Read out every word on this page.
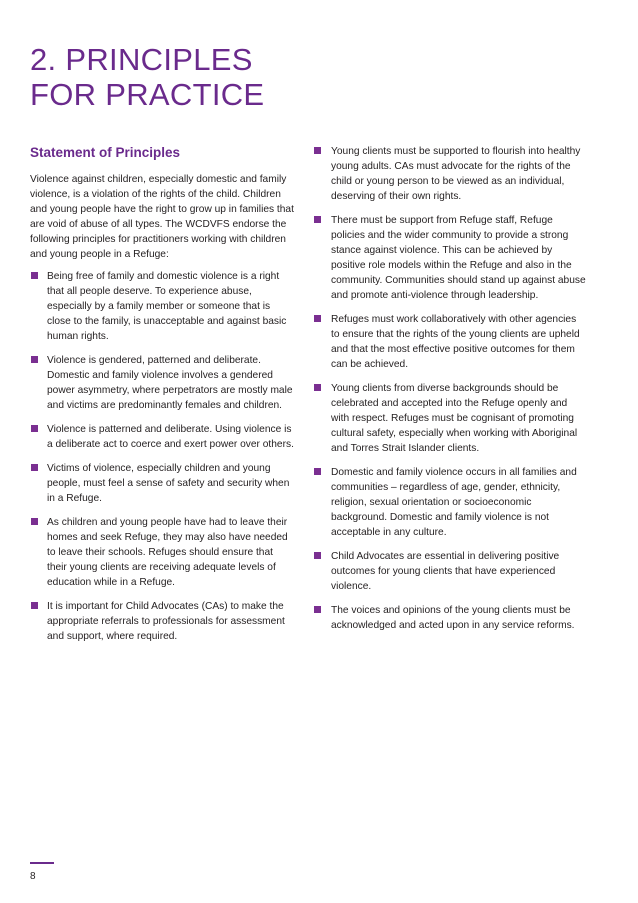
2. PRINCIPLES
FOR PRACTICE
Statement of Principles

Violence against children, especially domestic and family violence, is a violation of the rights of the child. Children and young people have the right to grow up in families that are void of abuse of all types. The WCDVFS endorse the following principles for practitioners working with children and young people in a Refuge:

Being free of family and domestic violence is a right that all people deserve. To experience abuse, especially by a family member or someone that is close to the family, is unacceptable and against basic human rights.
Violence is gendered, patterned and deliberate. Domestic and family violence involves a gendered power asymmetry, where perpetrators are mostly male and victims are predominantly females and children.
Violence is patterned and deliberate. Using violence is a deliberate act to coerce and exert power over others.
Victims of violence, especially children and young people, must feel a sense of safety and security when in a Refuge.
As children and young people have had to leave their homes and seek Refuge, they may also have needed to leave their schools. Refuges should ensure that their young clients are receiving adequate levels of education while in a Refuge.
It is important for Child Advocates (CAs) to make the appropriate referrals to professionals for assessment and support, where required.
Young clients must be supported to flourish into healthy young adults. CAs must advocate for the rights of the child or young person to be viewed as an individual, deserving of their own rights.
There must be support from Refuge staff, Refuge policies and the wider community to provide a strong stance against violence. This can be achieved by positive role models within the Refuge and also in the community. Communities should stand up against abuse and promote anti-violence through leadership.
Refuges must work collaboratively with other agencies to ensure that the rights of the young clients are upheld and that the most effective positive outcomes for them can be achieved.
Young clients from diverse backgrounds should be celebrated and accepted into the Refuge openly and with respect. Refuges must be cognisant of promoting cultural safety, especially when working with Aboriginal and Torres Strait Islander clients.
Domestic and family violence occurs in all families and communities – regardless of age, gender, ethnicity, religion, sexual orientation or socioeconomic background. Domestic and family violence is not acceptable in any culture.
Child Advocates are essential in delivering positive outcomes for young clients that have experienced violence.
The voices and opinions of the young clients must be acknowledged and acted upon in any service reforms.
8
